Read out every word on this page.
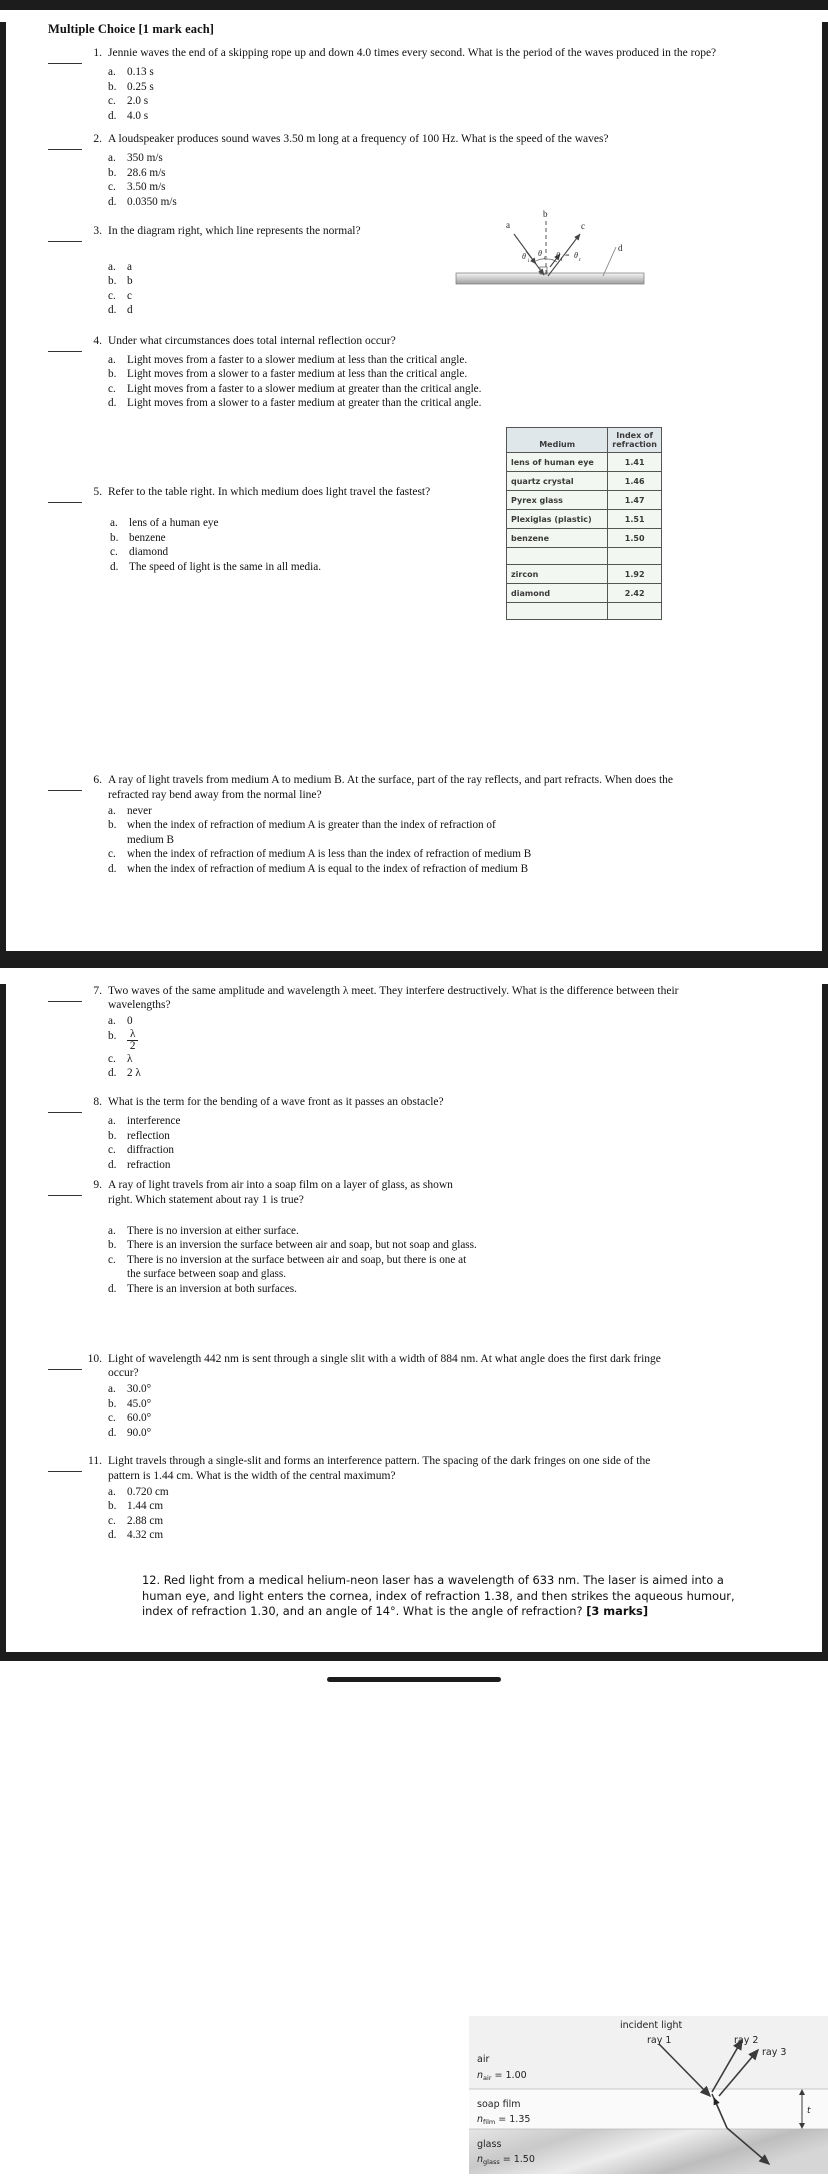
Multiple Choice [1 mark each]
1. Jennie waves the end of a skipping rope up and down 4.0 times every second. What is the period of the waves produced in the rope?
a.	0.13 s
b. 0.25 s
c.	2.0 s
d. 4.0 s
2. A loudspeaker produces sound waves 3.50 m long at a frequency of 100 Hz. What is the speed of the waves?
a.	350 m/s
b. 28.6 m/s
c.	3.50 m/s
d. 0.0350 m/s
3. In the diagram right, which line represents the normal?
a.	a
b. b
c.	c
d. d
4. Under what circumstances does total internal reflection occur?
a.	Light moves from a faster to a slower medium at less than the critical angle.
b. Light moves from a slower to a faster medium at less than the critical angle.
c.	Light moves from a faster to a slower medium at greater than the critical angle.
d. Light moves from a slower to a faster medium at greater than the critical angle.
5. Refer to the table right. In which medium does light travel the fastest?
a.	lens of a human eye
b. benzene
c.	diamond
d. The speed of light is the same in all media.
6. A ray of light travels from medium A to medium B. At the surface, part of the ray reflects, and part refracts. When does the refracted ray bend away from the normal line?
a.	never
b. when the index of refraction of medium A is greater than the index of refraction of medium B
c.	when the index of refraction of medium A is less than the index of refraction of medium B
d. when the index of refraction of medium A is equal to the index of refraction of medium B
a
b
c
d
θ i
θ r θ i = θ r
Medium	Index of
refraction
lens of human eye	1.41
quartz crystal	1.46
Pyrex glass	1.47
Plexiglas (plastic)	1.51
benzene	1.50

zircon	1.92
diamond	2.42

7. Two waves of the same amplitude and wavelength λ meet. They interfere destructively. What is the difference between their wavelengths?
a.	0
b. $\frac{\lambda}{2}$
c.	λ
d. 2 λ
8. What is the term for the bending of a wave front as it passes an obstacle?
a.	interference
b. reflection
c.	diffraction
d. refraction
9. A ray of light travels from air into a soap film on a layer of glass, as shown right. Which statement about ray 1 is true?
a.	There is no inversion at either surface.
b. There is an inversion the surface between air and soap, but not soap and glass.
c.	There is no inversion at the surface between air and soap, but there is one at the surface between soap and glass.
d. There is an inversion at both surfaces.
10. Light of wavelength 442 nm is sent through a single slit with a width of 884 nm. At what angle does the first dark fringe occur?
a.	30.0°
b. 45.0°
c.	60.0°
d. 90.0°
11. Light travels through a single-slit and forms an interference pattern. The spacing of the dark fringes on one side of the pattern is 1.44 cm. What is the width of the central maximum?
a.	0.720 cm
b. 1.44 cm
c.	2.88 cm
d. 4.32 cm
12. Red light from a medical helium-neon laser has a wavelength of 633 nm. The laser is aimed into a human eye, and light enters the cornea, index of refraction 1.38, and then strikes the aqueous humour, index of refraction 1.30, and an angle of 14°. What is the angle of refraction? [3 marks]
t
incident light
ray 1	ray 2
ray 3
air
$n_{air} = 1.00$
soap film
$n_{film} = 1.35$
glass
$n_{glass} = 1.50$
